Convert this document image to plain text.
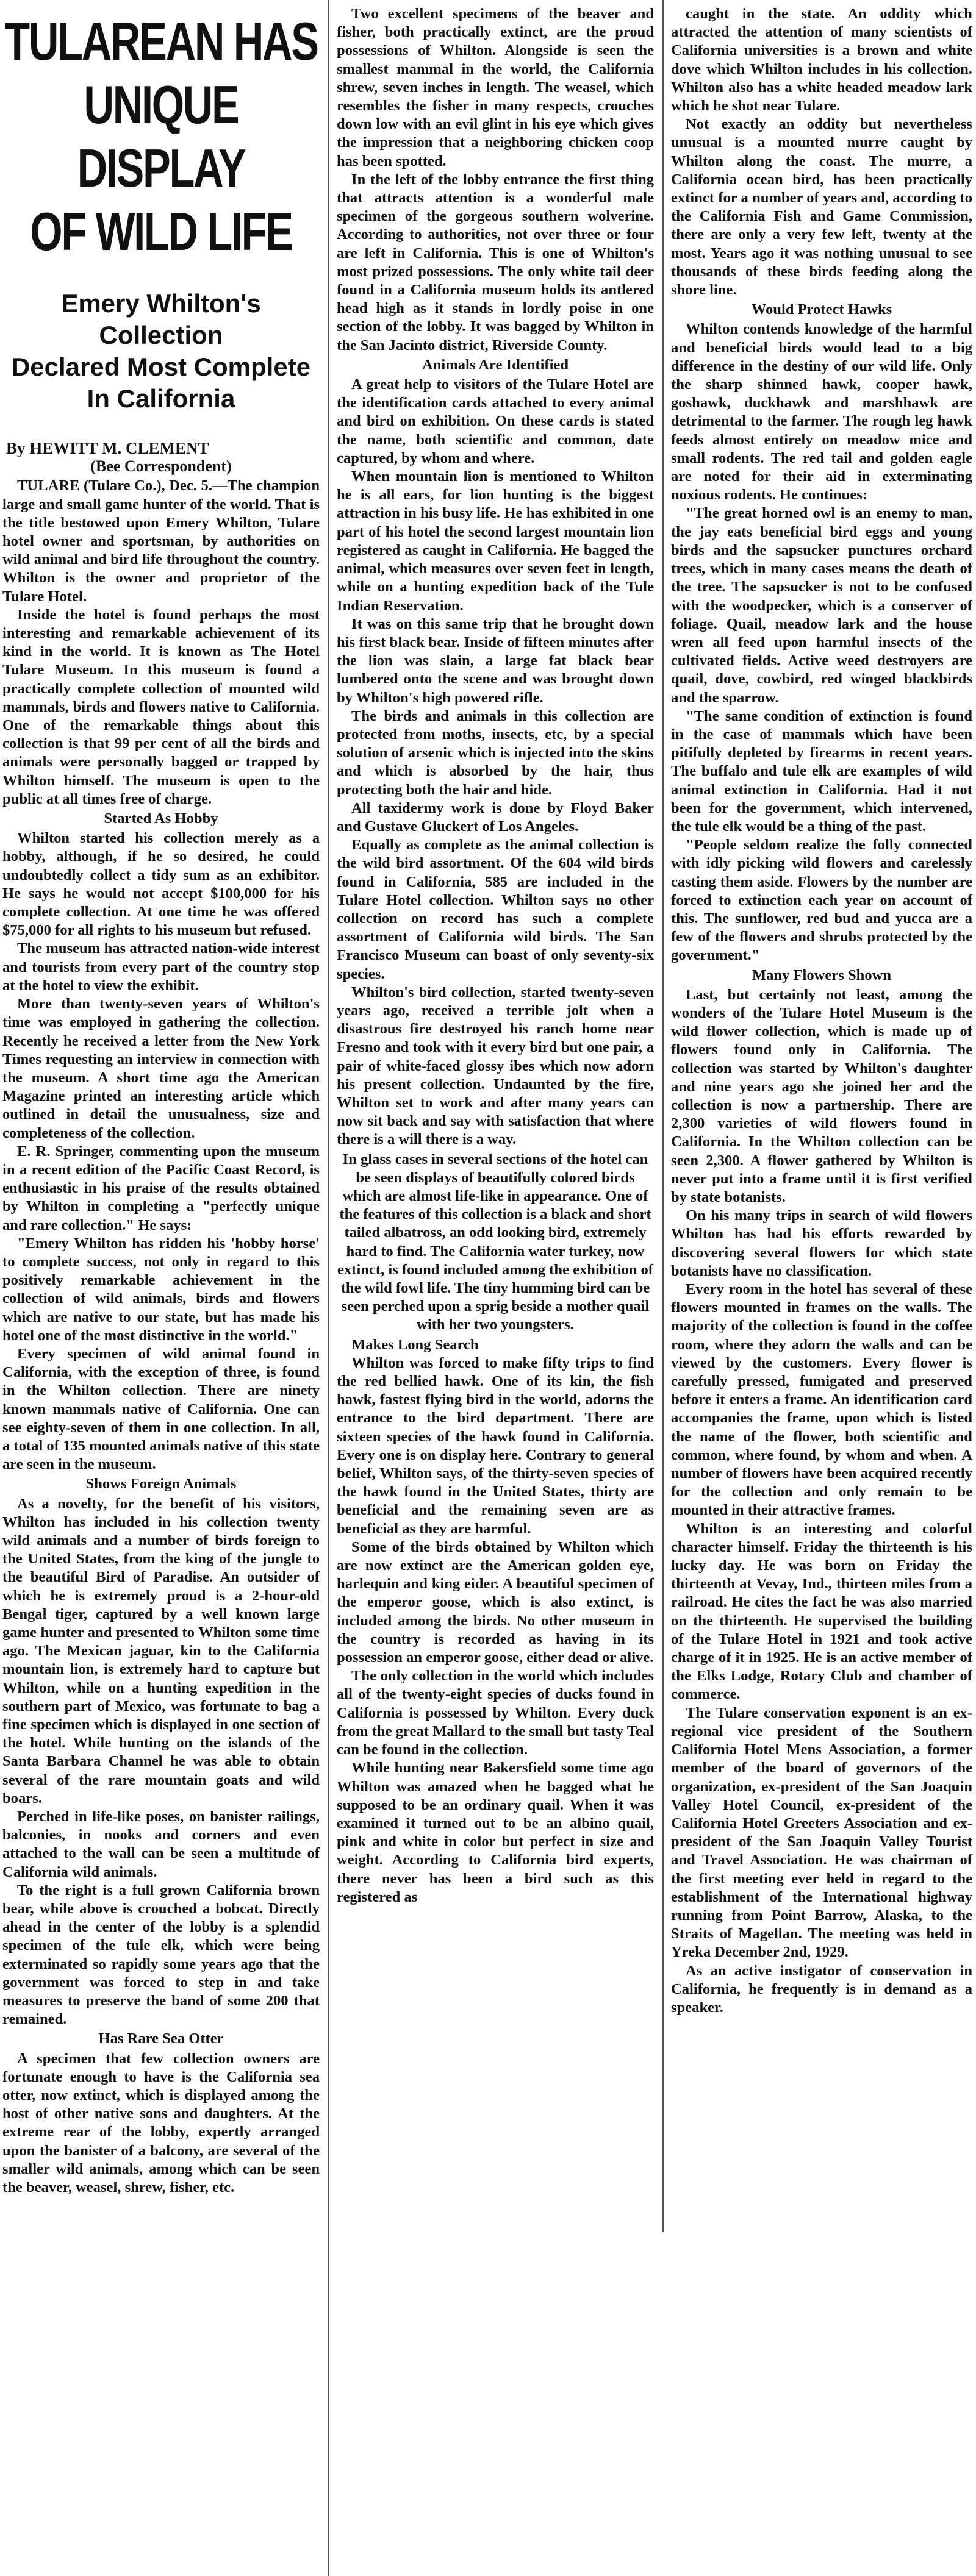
TULAREAN HAS
UNIQUE DISPLAY
OF WILD LIFE
Emery Whilton's Collection
Declared Most Complete
In California
By HEWITT M. CLEMENT
(Bee Correspondent)
TULARE (Tulare Co.), Dec. 5.—The champion large and small game hunter of the world. That is the title bestowed upon Emery Whilton, Tulare hotel owner and sportsman, by authorities on wild animal and bird life throughout the country. Whilton is the owner and proprietor of the Tulare Hotel.
Inside the hotel is found perhaps the most interesting and remarkable achievement of its kind in the world. It is known as The Hotel Tulare Museum. In this museum is found a practically complete collection of mounted wild mammals, birds and flowers native to California. One of the remarkable things about this collection is that 99 per cent of all the birds and animals were personally bagged or trapped by Whilton himself. The museum is open to the public at all times free of charge.
Started As Hobby
Whilton started his collection merely as a hobby, although, if he so desired, he could undoubtedly collect a tidy sum as an exhibitor. He says he would not accept $100,000 for his complete collection. At one time he was offered $75,000 for all rights to his museum but refused.
The museum has attracted nation-wide interest and tourists from every part of the country stop at the hotel to view the exhibit.
More than twenty-seven years of Whilton's time was employed in gathering the collection. Recently he received a letter from the New York Times requesting an interview in connection with the museum. A short time ago the American Magazine printed an interesting article which outlined in detail the unusualness, size and completeness of the collection.
E. R. Springer, commenting upon the museum in a recent edition of the Pacific Coast Record, is enthusiastic in his praise of the results obtained by Whilton in completing a "perfectly unique and rare collection." He says:
"Emery Whilton has ridden his 'hobby horse' to complete success, not only in regard to this positively remarkable achievement in the collection of wild animals, birds and flowers which are native to our state, but has made his hotel one of the most distinctive in the world."
Every specimen of wild animal found in California, with the exception of three, is found in the Whilton collection. There are ninety known mammals native of California. One can see eighty-seven of them in one collection. In all, a total of 135 mounted animals native of this state are seen in the museum.
Shows Foreign Animals
As a novelty, for the benefit of his visitors, Whilton has included in his collection twenty wild animals and a number of birds foreign to the United States, from the king of the jungle to the beautiful Bird of Paradise. An outsider of which he is extremely proud is a 2-hour-old Bengal tiger, captured by a well known large game hunter and presented to Whilton some time ago. The Mexican jaguar, kin to the California mountain lion, is extremely hard to capture but Whilton, while on a hunting expedition in the southern part of Mexico, was fortunate to bag a fine specimen which is displayed in one section of the hotel. While hunting on the islands of the Santa Barbara Channel he was able to obtain several of the rare mountain goats and wild boars.
Perched in life-like poses, on banister railings, balconies, in nooks and corners and even attached to the wall can be seen a multitude of California wild animals.
To the right is a full grown California brown bear, while above is crouched a bobcat. Directly ahead in the center of the lobby is a splendid specimen of the tule elk, which were being exterminated so rapidly some years ago that the government was forced to step in and take measures to preserve the band of some 200 that remained.
Has Rare Sea Otter
A specimen that few collection owners are fortunate enough to have is the California sea otter, now extinct, which is displayed among the host of other native sons and daughters. At the extreme rear of the lobby, expertly arranged upon the banister of a balcony, are several of the smaller wild animals, among which can be seen the beaver, weasel, shrew, fisher, etc.
Two excellent specimens of the beaver and fisher, both practically extinct, are the proud possessions of Whilton. Alongside is seen the smallest mammal in the world, the California shrew, seven inches in length. The weasel, which resembles the fisher in many respects, crouches down low with an evil glint in his eye which gives the impression that a neighboring chicken coop has been spotted.
In the left of the lobby entrance the first thing that attracts attention is a wonderful male specimen of the gorgeous southern wolverine. According to authorities, not over three or four are left in California. This is one of Whilton's most prized possessions. The only white tail deer found in a California museum holds its antlered head high as it stands in lordly poise in one section of the lobby. It was bagged by Whilton in the San Jacinto district, Riverside County.
Animals Are Identified
A great help to visitors of the Tulare Hotel are the identification cards attached to every animal and bird on exhibition. On these cards is stated the name, both scientific and common, date captured, by whom and where.
When mountain lion is mentioned to Whilton he is all ears, for lion hunting is the biggest attraction in his busy life. He has exhibited in one part of his hotel the second largest mountain lion registered as caught in California. He bagged the animal, which measures over seven feet in length, while on a hunting expedition back of the Tule Indian Reservation.
It was on this same trip that he brought down his first black bear. Inside of fifteen minutes after the lion was slain, a large fat black bear lumbered onto the scene and was brought down by Whilton's high powered rifle.
The birds and animals in this collection are protected from moths, insects, etc, by a special solution of arsenic which is injected into the skins and which is absorbed by the hair, thus protecting both the hair and hide.
All taxidermy work is done by Floyd Baker and Gustave Gluckert of Los Angeles.
Equally as complete as the animal collection is the wild bird assortment. Of the 604 wild birds found in California, 585 are included in the Tulare Hotel collection. Whilton says no other collection on record has such a complete assortment of California wild birds. The San Francisco Museum can boast of only seventy-six species.
Whilton's bird collection, started twenty-seven years ago, received a terrible jolt when a disastrous fire destroyed his ranch home near Fresno and took with it every bird but one pair, a pair of white-faced glossy ibes which now adorn his present collection. Undaunted by the fire, Whilton set to work and after many years can now sit back and say with satisfaction that where there is a will there is a way.
In glass cases in several sections of the hotel can be seen displays of beautifully colored birds which are almost life-like in appearance. One of the features of this collection is a black and short tailed albatross, an odd looking bird, extremely hard to find. The California water turkey, now extinct, is found included among the exhibition of the wild fowl life. The tiny humming bird can be seen perched upon a sprig beside a mother quail with her two youngsters.
Makes Long Search
Whilton was forced to make fifty trips to find the red bellied hawk. One of its kin, the fish hawk, fastest flying bird in the world, adorns the entrance to the bird department. There are sixteen species of the hawk found in California. Every one is on display here. Contrary to general belief, Whilton says, of the thirty-seven species of the hawk found in the United States, thirty are beneficial and the remaining seven are as beneficial as they are harmful.
Some of the birds obtained by Whilton which are now extinct are the American golden eye, harlequin and king eider. A beautiful specimen of the emperor goose, which is also extinct, is included among the birds. No other museum in the country is recorded as having in its possession an emperor goose, either dead or alive.
The only collection in the world which includes all of the twenty-eight species of ducks found in California is possessed by Whilton. Every duck from the great Mallard to the small but tasty Teal can be found in the collection.
While hunting near Bakersfield some time ago Whilton was amazed when he bagged what he supposed to be an ordinary quail. When it was examined it turned out to be an albino quail, pink and white in color but perfect in size and weight. According to California bird experts, there never has been a bird such as this registered as
caught in the state. An oddity which attracted the attention of many scientists of California universities is a brown and white dove which Whilton includes in his collection. Whilton also has a white headed meadow lark which he shot near Tulare.
Not exactly an oddity but nevertheless unusual is a mounted murre caught by Whilton along the coast. The murre, a California ocean bird, has been practically extinct for a number of years and, according to the California Fish and Game Commission, there are only a very few left, twenty at the most. Years ago it was nothing unusual to see thousands of these birds feeding along the shore line.
Would Protect Hawks
Whilton contends knowledge of the harmful and beneficial birds would lead to a big difference in the destiny of our wild life. Only the sharp shinned hawk, cooper hawk, goshawk, duckhawk and marshhawk are detrimental to the farmer. The rough leg hawk feeds almost entirely on meadow mice and small rodents. The red tail and golden eagle are noted for their aid in exterminating noxious rodents. He continues:
"The great horned owl is an enemy to man, the jay eats beneficial bird eggs and young birds and the sapsucker punctures orchard trees, which in many cases means the death of the tree. The sapsucker is not to be confused with the woodpecker, which is a conserver of foliage. Quail, meadow lark and the house wren all feed upon harmful insects of the cultivated fields. Active weed destroyers are quail, dove, cowbird, red winged blackbirds and the sparrow.
"The same condition of extinction is found in the case of mammals which have been pitifully depleted by firearms in recent years. The buffalo and tule elk are examples of wild animal extinction in California. Had it not been for the government, which intervened, the tule elk would be a thing of the past.
"People seldom realize the folly connected with idly picking wild flowers and carelessly casting them aside. Flowers by the number are forced to extinction each year on account of this. The sunflower, red bud and yucca are a few of the flowers and shrubs protected by the government."
Many Flowers Shown
Last, but certainly not least, among the wonders of the Tulare Hotel Museum is the wild flower collection, which is made up of flowers found only in California. The collection was started by Whilton's daughter and nine years ago she joined her and the collection is now a partnership. There are 2,300 varieties of wild flowers found in California. In the Whilton collection can be seen 2,300. A flower gathered by Whilton is never put into a frame until it is first verified by state botanists.
On his many trips in search of wild flowers Whilton has had his efforts rewarded by discovering several flowers for which state botanists have no classification.
Every room in the hotel has several of these flowers mounted in frames on the walls. The majority of the collection is found in the coffee room, where they adorn the walls and can be viewed by the customers. Every flower is carefully pressed, fumigated and preserved before it enters a frame. An identification card accompanies the frame, upon which is listed the name of the flower, both scientific and common, where found, by whom and when. A number of flowers have been acquired recently for the collection and only remain to be mounted in their attractive frames.
Whilton is an interesting and colorful character himself. Friday the thirteenth is his lucky day. He was born on Friday the thirteenth at Vevay, Ind., thirteen miles from a railroad. He cites the fact he was also married on the thirteenth. He supervised the building of the Tulare Hotel in 1921 and took active charge of it in 1925. He is an active member of the Elks Lodge, Rotary Club and chamber of commerce.
The Tulare conservation exponent is an ex-regional vice president of the Southern California Hotel Mens Association, a former member of the board of governors of the organization, ex-president of the San Joaquin Valley Hotel Council, ex-president of the California Hotel Greeters Association and ex-president of the San Joaquin Valley Tourist and Travel Association. He was chairman of the first meeting ever held in regard to the establishment of the International highway running from Point Barrow, Alaska, to the Straits of Magellan. The meeting was held in Yreka December 2nd, 1929.
As an active instigator of conservation in California, he frequently is in demand as a speaker.
